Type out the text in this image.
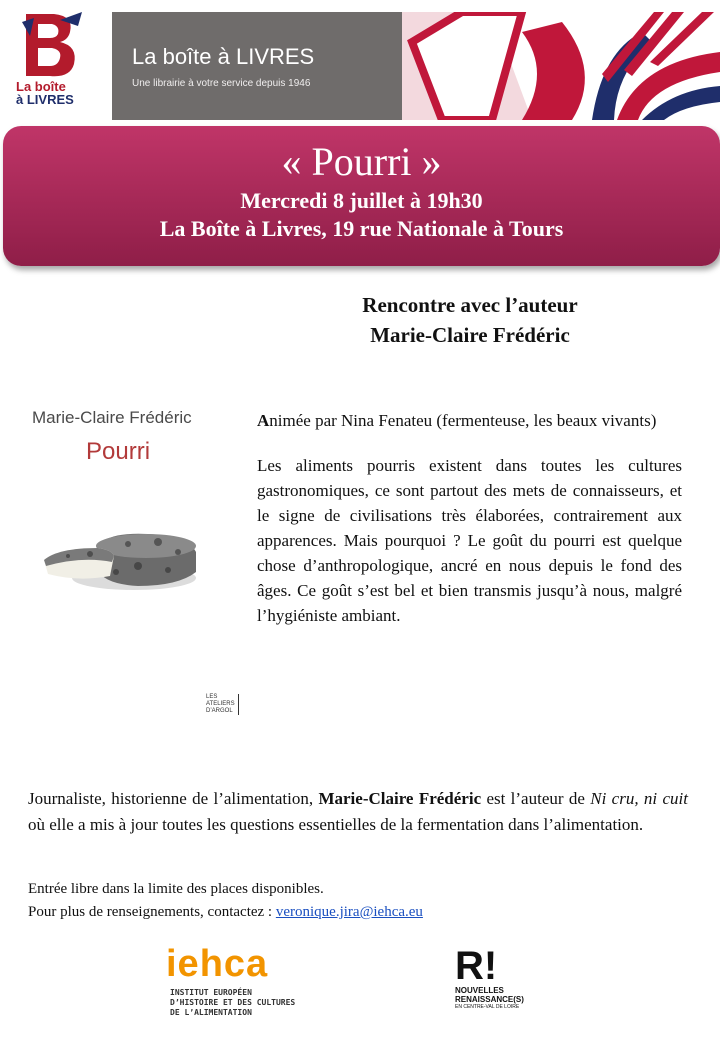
La boîte
à LIVRES
La boîte à LIVRES
Une librairie à votre service depuis 1946
« Pourri »
Mercredi 8 juillet à 19h30
La Boîte à Livres, 19 rue Nationale à Tours
Rencontre avec l’auteur
Marie-Claire Frédéric
Marie-Claire Frédéric
Pourri
LES
ATELIERS
D’ARGOL

Animée par Nina Fenateu (fermenteuse, les beaux vivants)

Les aliments pourris existent dans toutes les cultures gastronomiques, ce sont partout des mets de connaisseurs, et le signe de civilisations très élaborées, contrairement aux apparences. Mais pourquoi ? Le goût du pourri est quelque chose d’anthropologique, ancré en nous depuis le fond des âges. Ce goût s’est bel et bien transmis jusqu’à nous, malgré l’hygiéniste ambiant.

Journaliste, historienne de l’alimentation, Marie-Claire Frédéric est l’auteur de Ni cru, ni cuit où elle a mis à jour toutes les questions essentielles de la fermentation dans l’alimentation.

Entrée libre dans la limite des places disponibles.
Pour plus de renseignements, contactez : veronique.jira@iehca.eu
iehca
INSTITUT EUROPÉEN
D’HISTOIRE ET DES CULTURES
DE L’ALIMENTATION
R!
NOUVELLES
RENAISSANCE(S)
EN CENTRE-VAL DE LOIRE
